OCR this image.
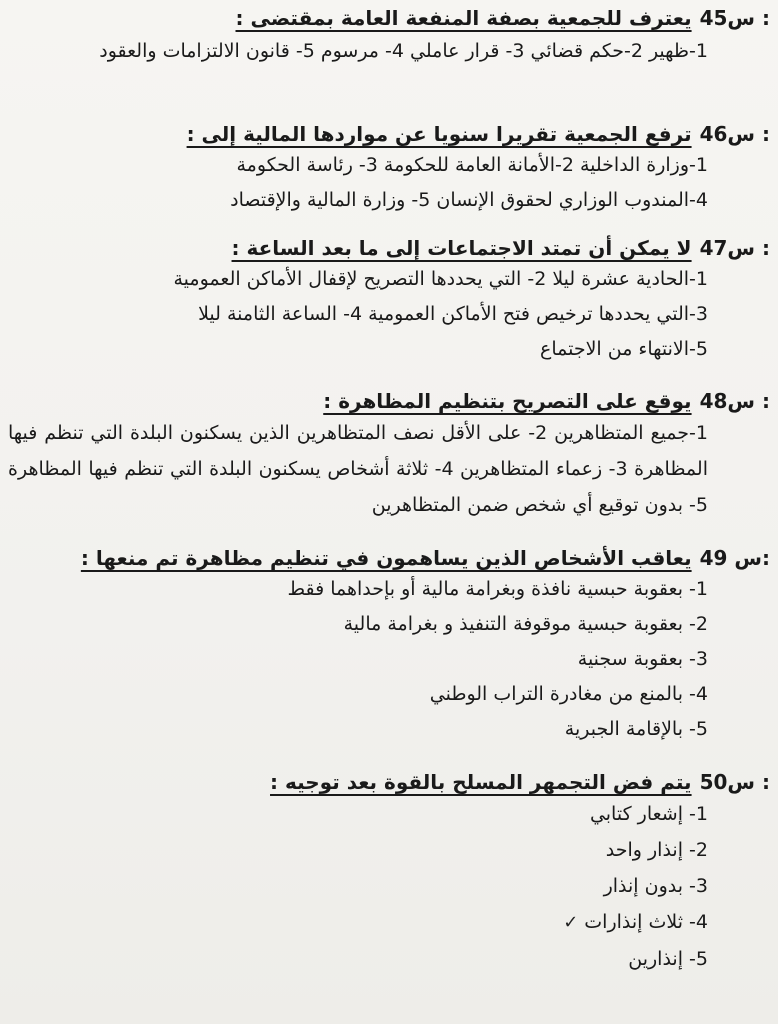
س45 :يعترف للجمعية بصفة المنفعة العامة بمقتضى :
1-ظهير 2-حكم قضائي 3- قرار عاملي 4- مرسوم 5- قانون الالتزامات والعقود
س46 :ترفع الجمعية تقريرا سنويا عن مواردها المالية إلى :
1-وزارة الداخلية 2-الأمانة العامة للحكومة 3- رئاسة الحكومة
4-المندوب الوزاري لحقوق الإنسان 5- وزارة المالية والإقتصاد
س47 :لا يمكن أن تمتد الاجتماعات إلى ما بعد الساعة :
1-الحادية عشرة ليلا 2- التي يحددها التصريح لإقفال الأماكن العمومية
3-التي يحددها ترخيص فتح الأماكن العمومية 4- الساعة الثامنة ليلا
5-الانتهاء من الاجتماع
س48 :يوقع على التصريح بتنظيم المظاهرة :
1-جميع المتظاهرين 2- على الأقل نصف المتظاهرين الذين يسكنون البلدة التي تنظم فيها المظاهرة 3- زعماء المتظاهرين 4- ثلاثة أشخاص يسكنون البلدة التي تنظم فيها المظاهرة 5- بدون توقيع أي شخص ضمن المتظاهرين
س 49:يعاقب الأشخاص الذين يساهمون في تنظيم مظاهرة تم منعها :
1- بعقوبة حبسية نافذة وبغرامة مالية أو بإحداهما فقط
2- بعقوبة حبسية موقوفة التنفيذ و بغرامة مالية
3- بعقوبة سجنية
4- بالمنع من مغادرة التراب الوطني
5- بالإقامة الجبرية
س50 :يتم فض التجمهر المسلح بالقوة بعد توجيه :
1- إشعار كتابي
2- إنذار واحد
3- بدون إنذار
4- ثلاث إنذارات✓
5- إنذارين
